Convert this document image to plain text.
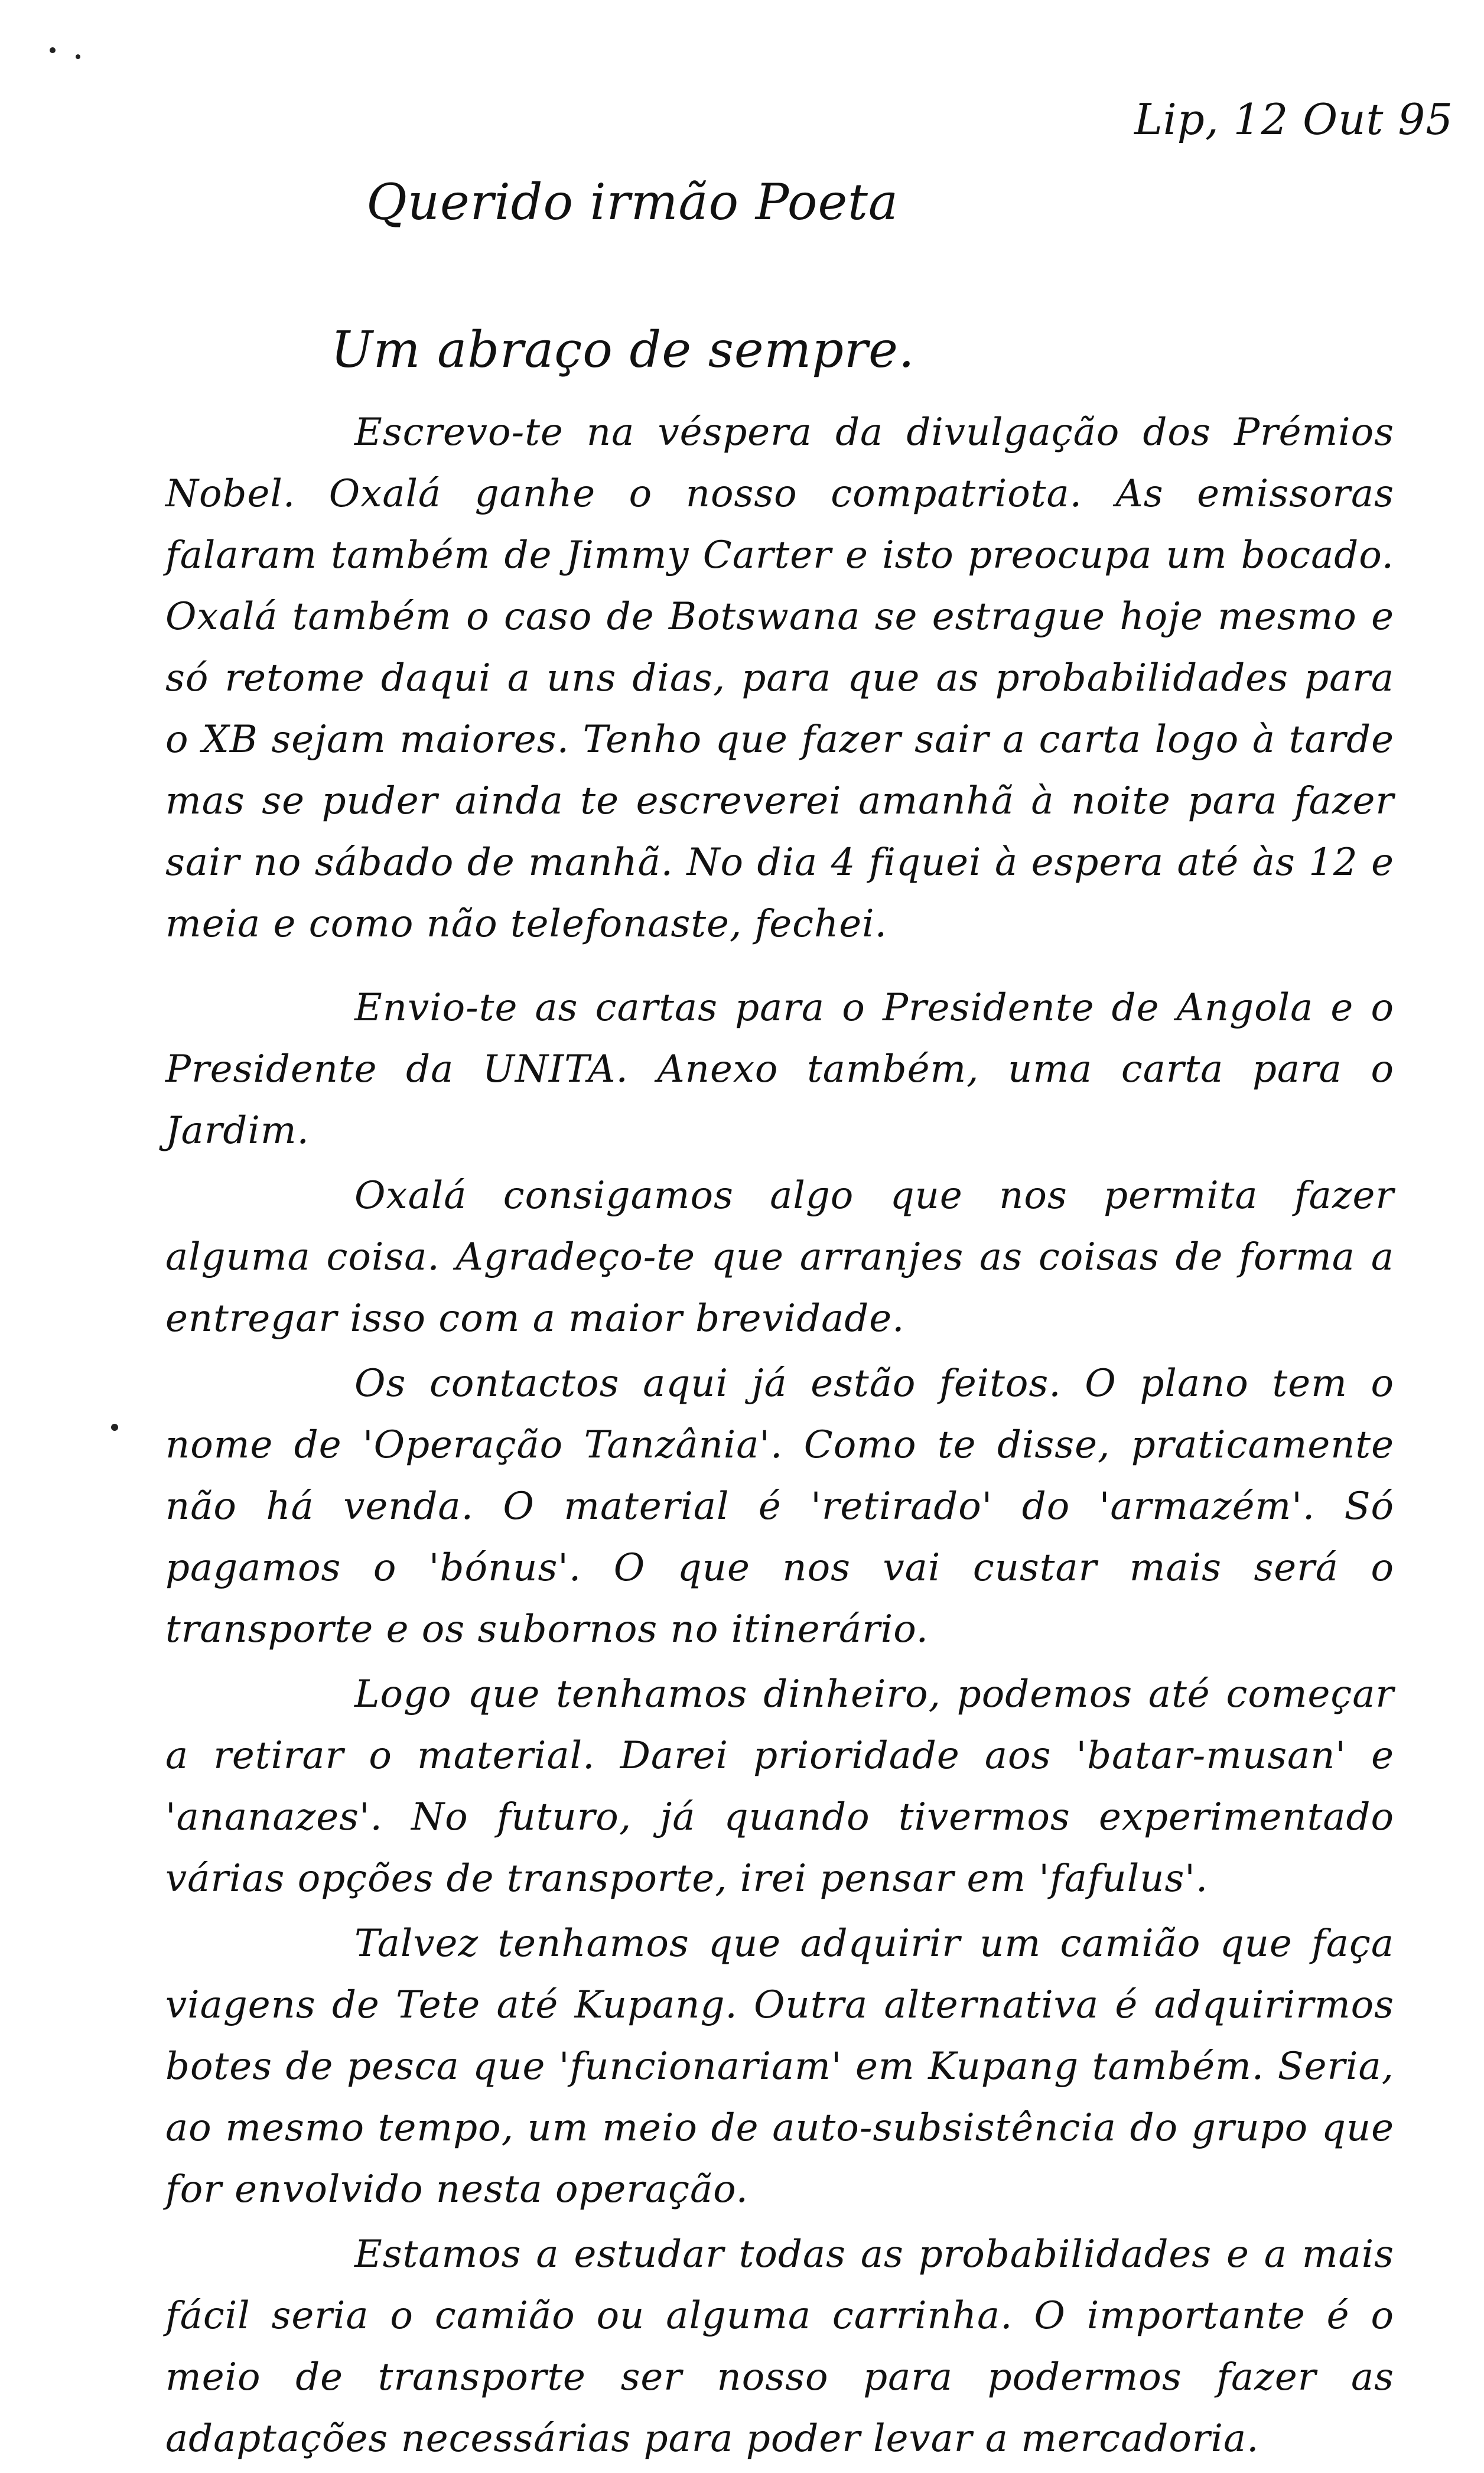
Lip, 12 Out 95
Querido irmão Poeta
Um abraço de sempre.

Escrevo-te na véspera da divulgação dos Prémios Nobel. Oxalá ganhe o nosso compatriota. As emissoras falaram também de Jimmy Carter e isto preocupa um bocado. Oxalá também o caso de Botswana se estrague hoje mesmo e só retome daqui a uns dias, para que as probabilidades para o XB sejam maiores. Tenho que fazer sair a carta logo à tarde mas se puder ainda te escreverei amanhã à noite para fazer sair no sábado de manhã. No dia 4 fiquei à espera até às 12 e meia e como não telefonaste, fechei.

Envio-te as cartas para o Presidente de Angola e o Presidente da UNITA. Anexo também, uma carta para o Jardim.

Oxalá consigamos algo que nos permita fazer alguma coisa. Agradeço-te que arranjes as coisas de forma a entregar isso com a maior brevidade.

Os contactos aqui já estão feitos. O plano tem o nome de 'Operação Tanzânia'. Como te disse, praticamente não há venda. O material é 'retirado' do 'armazém'. Só pagamos o 'bónus'. O que nos vai custar mais será o transporte e os subornos no itinerário.

Logo que tenhamos dinheiro, podemos até começar a retirar o material. Darei prioridade aos 'batar-musan' e 'ananazes'. No futuro, já quando tivermos experimentado várias opções de transporte, irei pensar em 'fafulus'.

Talvez tenhamos que adquirir um camião que faça viagens de Tete até Kupang. Outra alternativa é adquirirmos botes de pesca que 'funcionariam' em Kupang também. Seria, ao mesmo tempo, um meio de auto-subsistência do grupo que for envolvido nesta operação.

Estamos a estudar todas as probabilidades e a mais fácil seria o camião ou alguma carrinha. O importante é o meio de transporte ser nosso para podermos fazer as adaptações necessárias para poder levar a mercadoria.
